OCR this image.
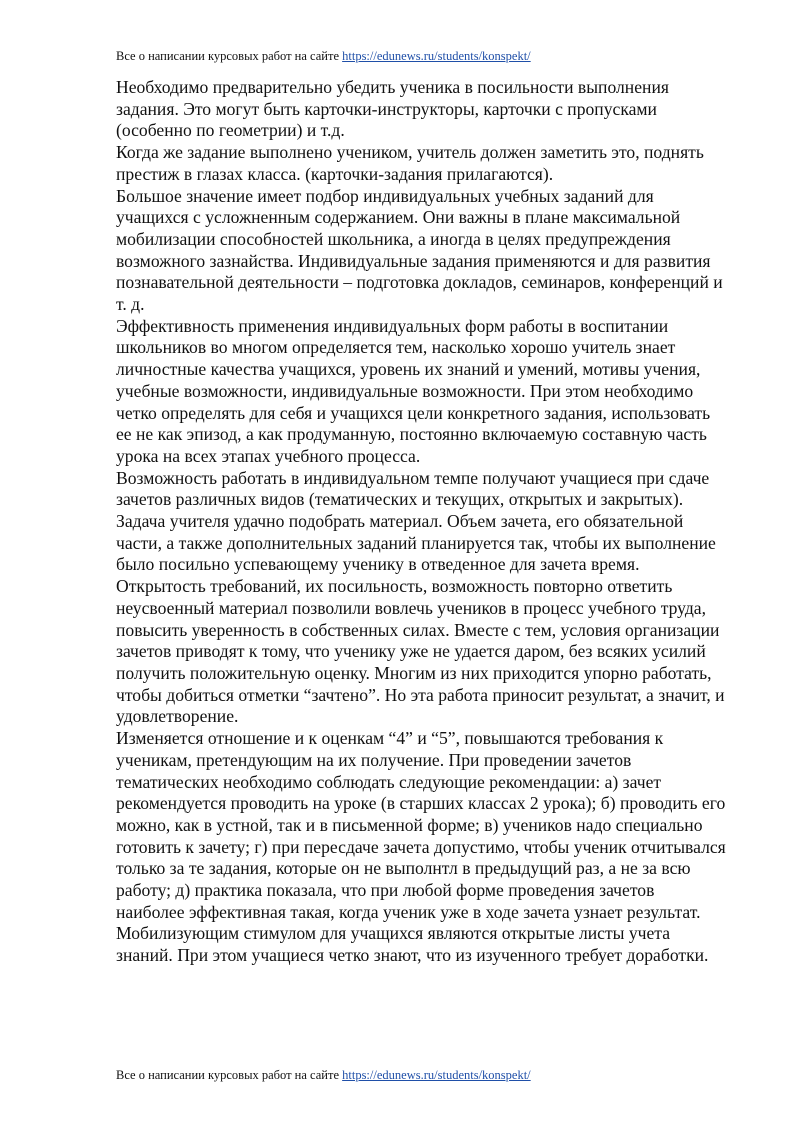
Все о написании курсовых работ на сайте https://edunews.ru/students/konspekt/

Необходимо предварительно убедить ученика в посильности выполнения задания. Это могут быть карточки-инструкторы, карточки с пропусками (особенно по геометрии) и т.д.

Когда же задание выполнено учеником, учитель должен заметить это, поднять престиж в глазах класса. (карточки-задания прилагаются).

Большое значение имеет подбор индивидуальных учебных заданий для учащихся с усложненным содержанием. Они важны в плане максимальной мобилизации способностей школьника, а иногда в целях предупреждения возможного зазнайства. Индивидуальные задания применяются и для развития познавательной деятельности – подготовка докладов, семинаров, конференций и т. д.

Эффективность применения индивидуальных форм работы в воспитании школьников во многом определяется тем, насколько хорошо учитель знает личностные качества учащихся, уровень их знаний и умений, мотивы учения, учебные возможности, индивидуальные возможности. При этом необходимо четко определять для себя и учащихся цели конкретного задания, использовать ее не как эпизод, а как продуманную, постоянно включаемую составную часть урока на всех этапах учебного процесса.

Возможность работать в индивидуальном темпе получают учащиеся при сдаче зачетов различных видов (тематических и текущих, открытых и закрытых). Задача учителя удачно подобрать материал. Объем зачета, его обязательной части, а также дополнительных заданий планируется так, чтобы их выполнение было посильно успевающему ученику в отведенное для зачета время.

Открытость требований, их посильность, возможность повторно ответить неусвоенный материал позволили вовлечь учеников в процесс учебного труда, повысить уверенность в собственных силах. Вместе с тем, условия организации зачетов приводят к тому, что ученику уже не удается даром, без всяких усилий получить положительную оценку. Многим из них приходится упорно работать, чтобы добиться отметки “зачтено”. Но эта работа приносит результат, а значит, и удовлетворение.

Изменяется отношение и к оценкам “4” и “5”, повышаются требования к ученикам, претендующим на их получение. При проведении зачетов тематических необходимо соблюдать следующие рекомендации: а) зачет рекомендуется проводить на уроке (в старших классах 2 урока); б) проводить его можно, как в устной, так и в письменной форме; в) учеников надо специально готовить к зачету; г) при пересдаче зачета допустимо, чтобы ученик отчитывался только за те задания, которые он не выполнтл в предыдущий раз, а не за всю работу; д) практика показала, что при любой форме проведения зачетов наиболее эффективная такая, когда ученик уже в ходе зачета узнает результат.

Мобилизующим стимулом для учащихся являются открытые листы учета знаний. При этом учащиеся четко знают, что из изученного требует доработки.

Все о написании курсовых работ на сайте https://edunews.ru/students/konspekt/
